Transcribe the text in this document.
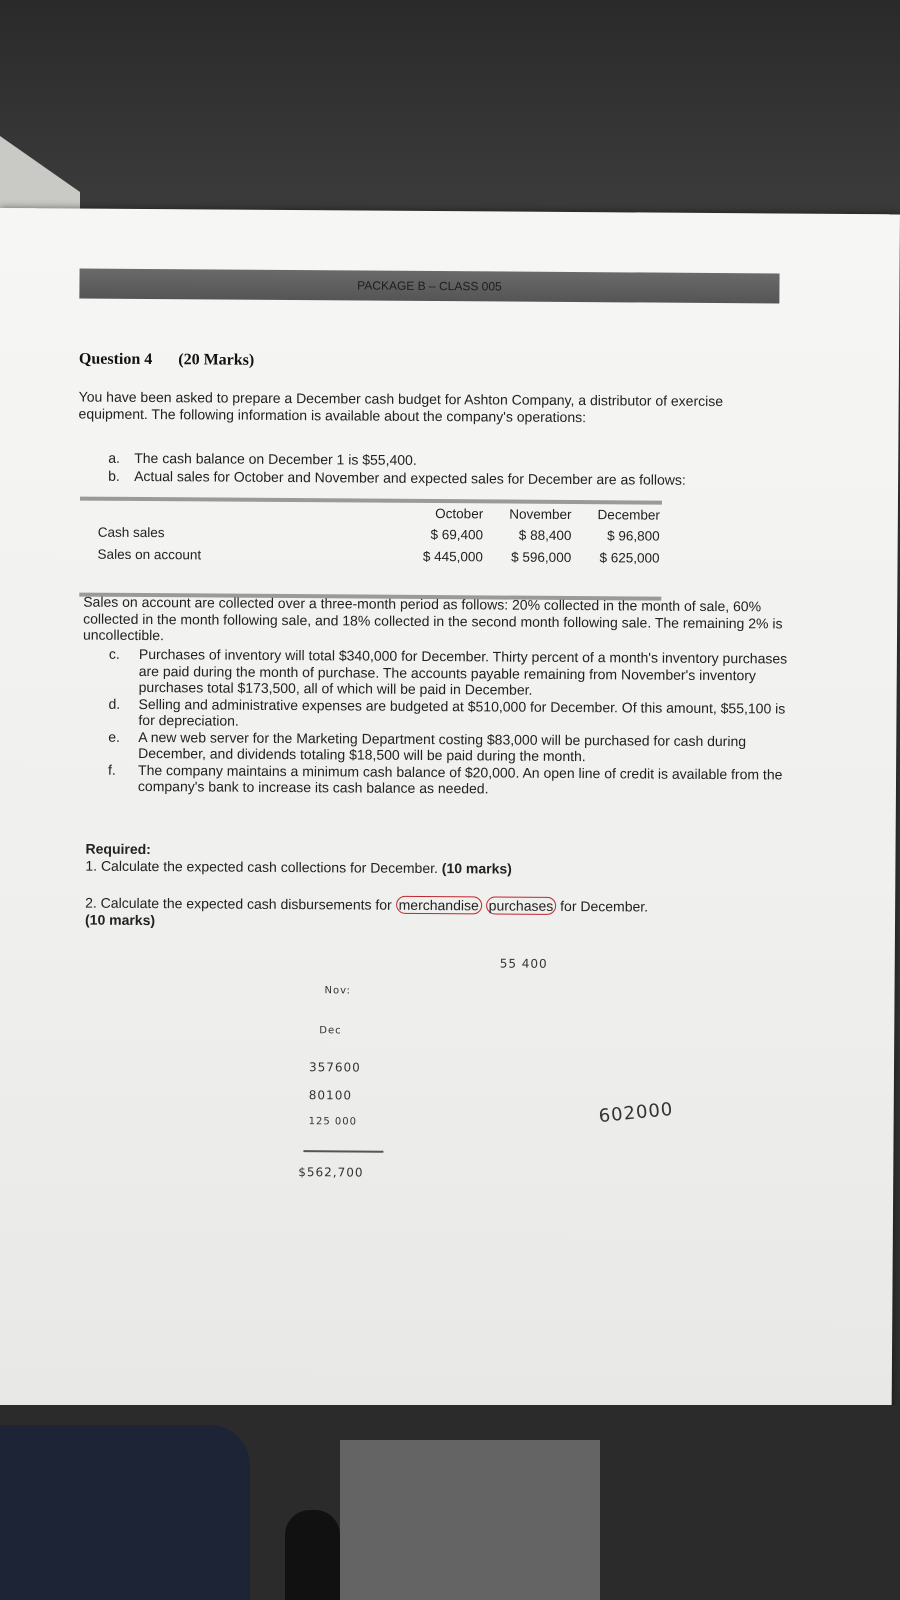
PACKAGE B – CLASS 005
Question 4 (20 Marks)
You have been asked to prepare a December cash budget for Ashton Company, a distributor of exercise equipment. The following information is available about the company's operations:
a. The cash balance on December 1 is $55,400.
b. Actual sales for October and November and expected sales for December are as follows:
	October	November	December
Cash sales	$ 69,400	$ 88,400	$ 96,800
Sales on account	$ 445,000	$ 596,000	$ 625,000
Sales on account are collected over a three-month period as follows: 20% collected in the month of sale, 60% collected in the month following sale, and 18% collected in the second month following sale. The remaining 2% is uncollectible.
c.	Purchases of inventory will total $340,000 for December. Thirty percent of a month's inventory purchases are paid during the month of purchase. The accounts payable remaining from November's inventory purchases total $173,500, all of which will be paid in December.
d.	Selling and administrative expenses are budgeted at $510,000 for December. Of this amount, $55,100 is for depreciation.
e.	A new web server for the Marketing Department costing $83,000 will be purchased for cash during December, and dividends totaling $18,500 will be paid during the month.
f.	The company maintains a minimum cash balance of $20,000. An open line of credit is available from the company's bank to increase its cash balance as needed.
Required:
1. Calculate the expected cash collections for December. (10 marks)
2. Calculate the expected cash disbursements for merchandise purchases for December.
(10 marks)
55 400
Nov:
Dec
357600
80100
125 000
$562,700
602000
